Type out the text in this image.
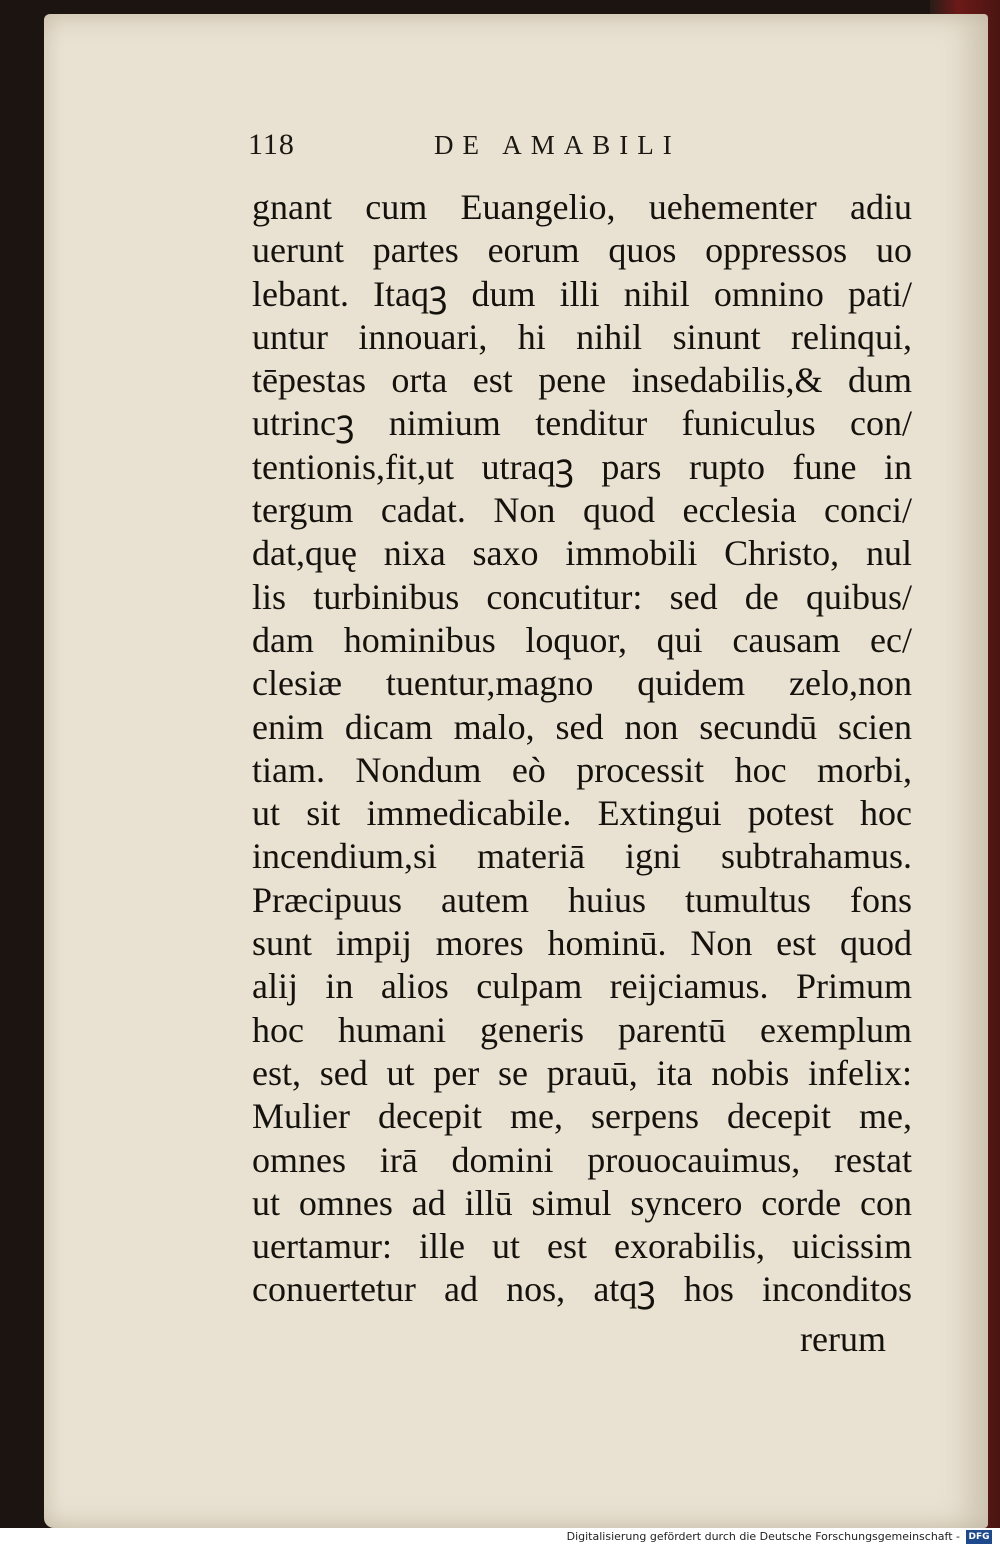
118	DE AMABILI
gnant cum Euangelio, uehementer adiu
uerunt partes eorum quos oppressos uo
lebant. Itaqꝫ dum illi nihil omnino pati/
untur innouari, hi nihil sinunt relinqui,
tēpestas orta est pene insedabilis,& dum
utrincꝫ nimium tenditur funiculus con/
tentionis,fit,ut utraqꝫ pars rupto fune in
tergum cadat. Non quod ecclesia conci/
dat,quę nixa saxo immobili Christo, nul
lis turbinibus concutitur: sed de quibus/
dam hominibus loquor, qui causam ec/
clesiæ tuentur,magno quidem zelo,non
enim dicam malo, sed non secundū scien
tiam. Nondum eò processit hoc morbi,
ut sit immedicabile. Extingui potest hoc
incendium,si materiā igni subtrahamus.
Præcipuus autem huius tumultus fons
sunt impij mores hominū. Non est quod
alij in alios culpam reijciamus. Primum
hoc humani generis parentū exemplum
est, sed ut per se prauū, ita nobis infelix:
Mulier decepit me, serpens decepit me,
omnes irā domini prouocauimus, restat
ut omnes ad illū simul syncero corde con
uertamur: ille ut est exorabilis, uicissim
conuertetur ad nos, atqꝫ hos inconditos
rerum
Digitalisierung gefördert durch die Deutsche Forschungsgemeinschaft - DFG
